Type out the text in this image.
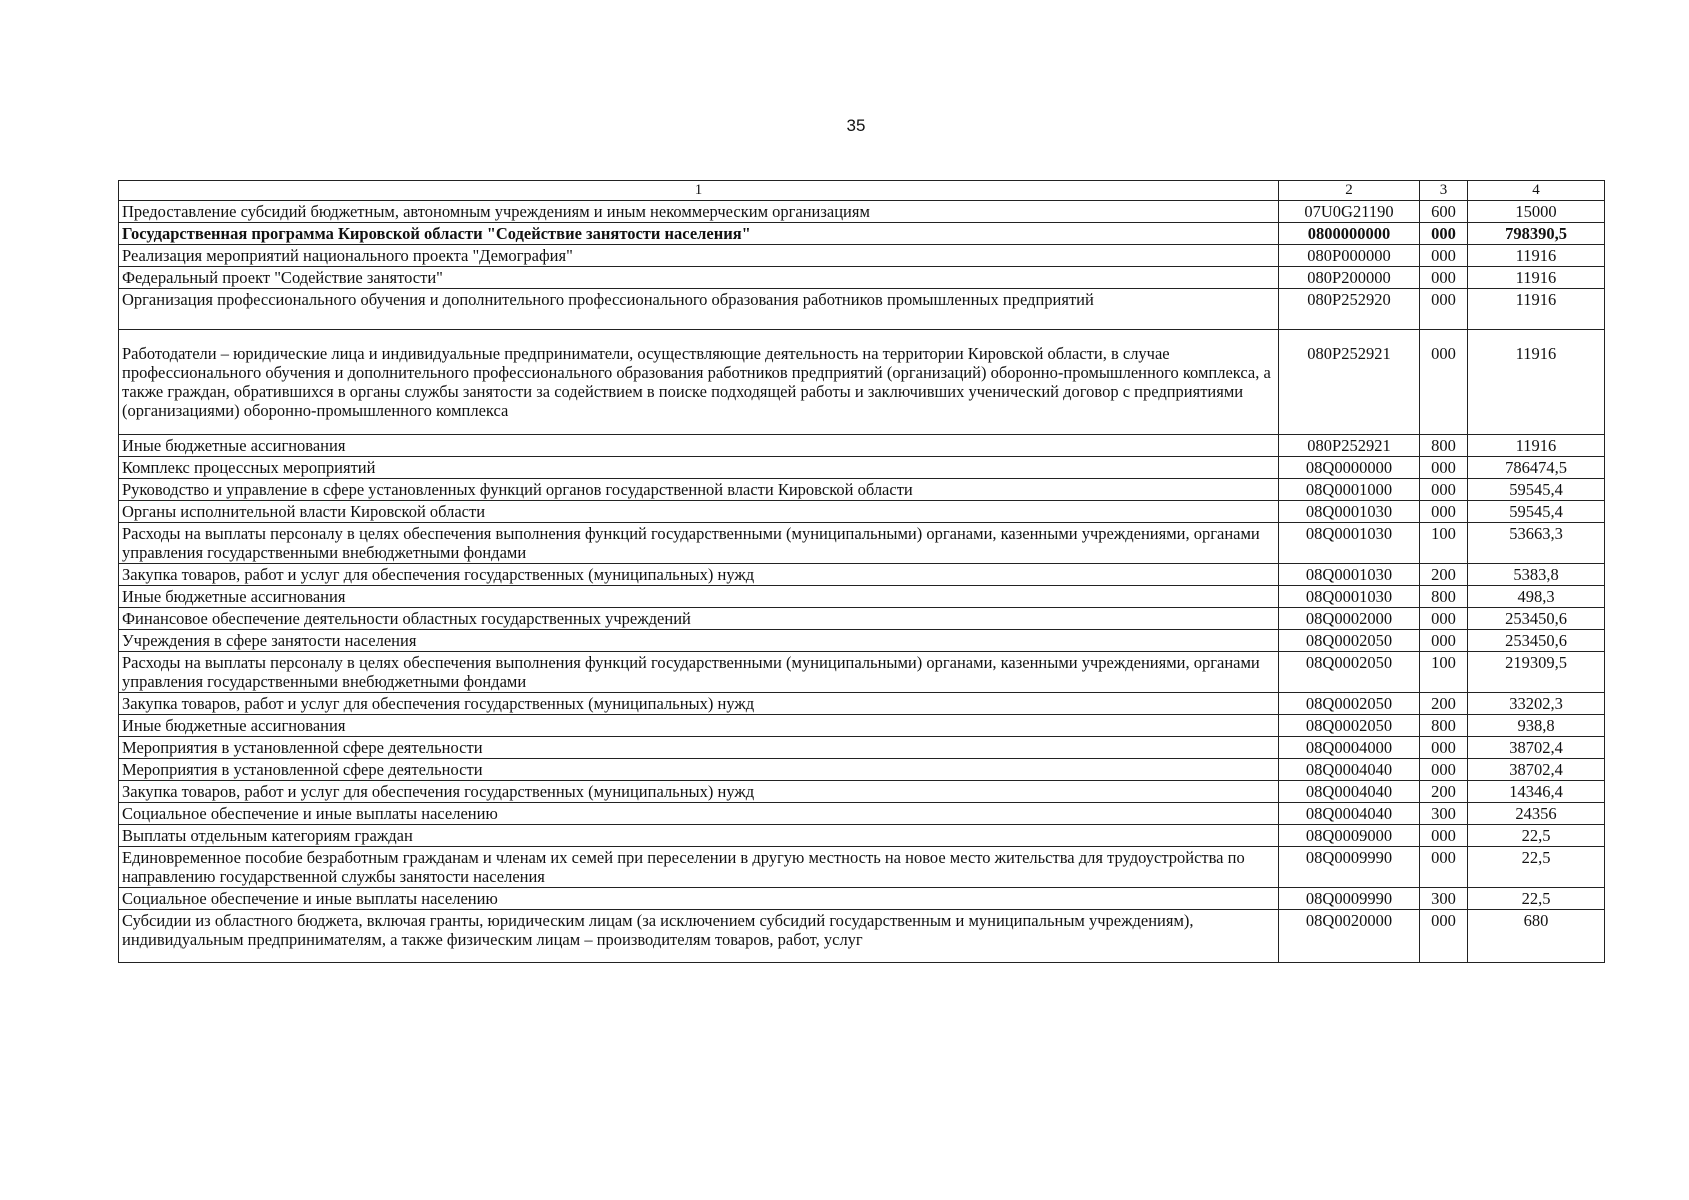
35
1	2	3	4
Предоставление субсидий бюджетным, автономным учреждениям и иным некоммерческим организациям	07U0G21190	600	15000
Государственная программа Кировской области "Содействие занятости населения"	0800000000	000	798390,5
Реализация мероприятий национального проекта "Демография"	080P000000	000	11916
Федеральный проект "Содействие занятости"	080P200000	000	11916
Организация профессионального обучения и дополнительного профессионального образования работников промышленных предприятий	080P252920	000	11916
Работодатели – юридические лица и индивидуальные предприниматели, осуществляющие деятельность на территории Кировской области, в случае профессионального обучения и дополнительного профессионального образования работников предприятий (организаций) оборонно-промышленного комплекса, а также граждан, обратившихся в органы службы занятости за содействием в поиске подходящей работы и заключивших ученический договор с предприятиями (организациями) оборонно-промышленного комплекса	080P252921	000	11916
Иные бюджетные ассигнования	080P252921	800	11916
Комплекс процессных мероприятий	08Q0000000	000	786474,5
Руководство и управление в сфере установленных функций органов государственной власти Кировской области	08Q0001000	000	59545,4
Органы исполнительной власти Кировской области	08Q0001030	000	59545,4
Расходы на выплаты персоналу в целях обеспечения выполнения функций государственными (муниципальными) органами, казенными учреждениями, органами управления государственными внебюджетными фондами	08Q0001030	100	53663,3
Закупка товаров, работ и услуг для обеспечения государственных (муниципальных) нужд	08Q0001030	200	5383,8
Иные бюджетные ассигнования	08Q0001030	800	498,3
Финансовое обеспечение деятельности областных государственных учреждений	08Q0002000	000	253450,6
Учреждения в сфере занятости населения	08Q0002050	000	253450,6
Расходы на выплаты персоналу в целях обеспечения выполнения функций государственными (муниципальными) органами, казенными учреждениями, органами управления государственными внебюджетными фондами	08Q0002050	100	219309,5
Закупка товаров, работ и услуг для обеспечения государственных (муниципальных) нужд	08Q0002050	200	33202,3
Иные бюджетные ассигнования	08Q0002050	800	938,8
Мероприятия в установленной сфере деятельности	08Q0004000	000	38702,4
Мероприятия в установленной сфере деятельности	08Q0004040	000	38702,4
Закупка товаров, работ и услуг для обеспечения государственных (муниципальных) нужд	08Q0004040	200	14346,4
Социальное обеспечение и иные выплаты населению	08Q0004040	300	24356
Выплаты отдельным категориям граждан	08Q0009000	000	22,5
Единовременное пособие безработным гражданам и членам их семей при переселении в другую местность на новое место жительства для трудоустройства по направлению государственной службы занятости населения	08Q0009990	000	22,5
Социальное обеспечение и иные выплаты населению	08Q0009990	300	22,5
Субсидии из областного бюджета, включая гранты, юридическим лицам (за исключением субсидий государственным и муниципальным учреждениям), индивидуальным предпринимателям, а также физическим лицам – производителям товаров, работ, услуг	08Q0020000	000	680
